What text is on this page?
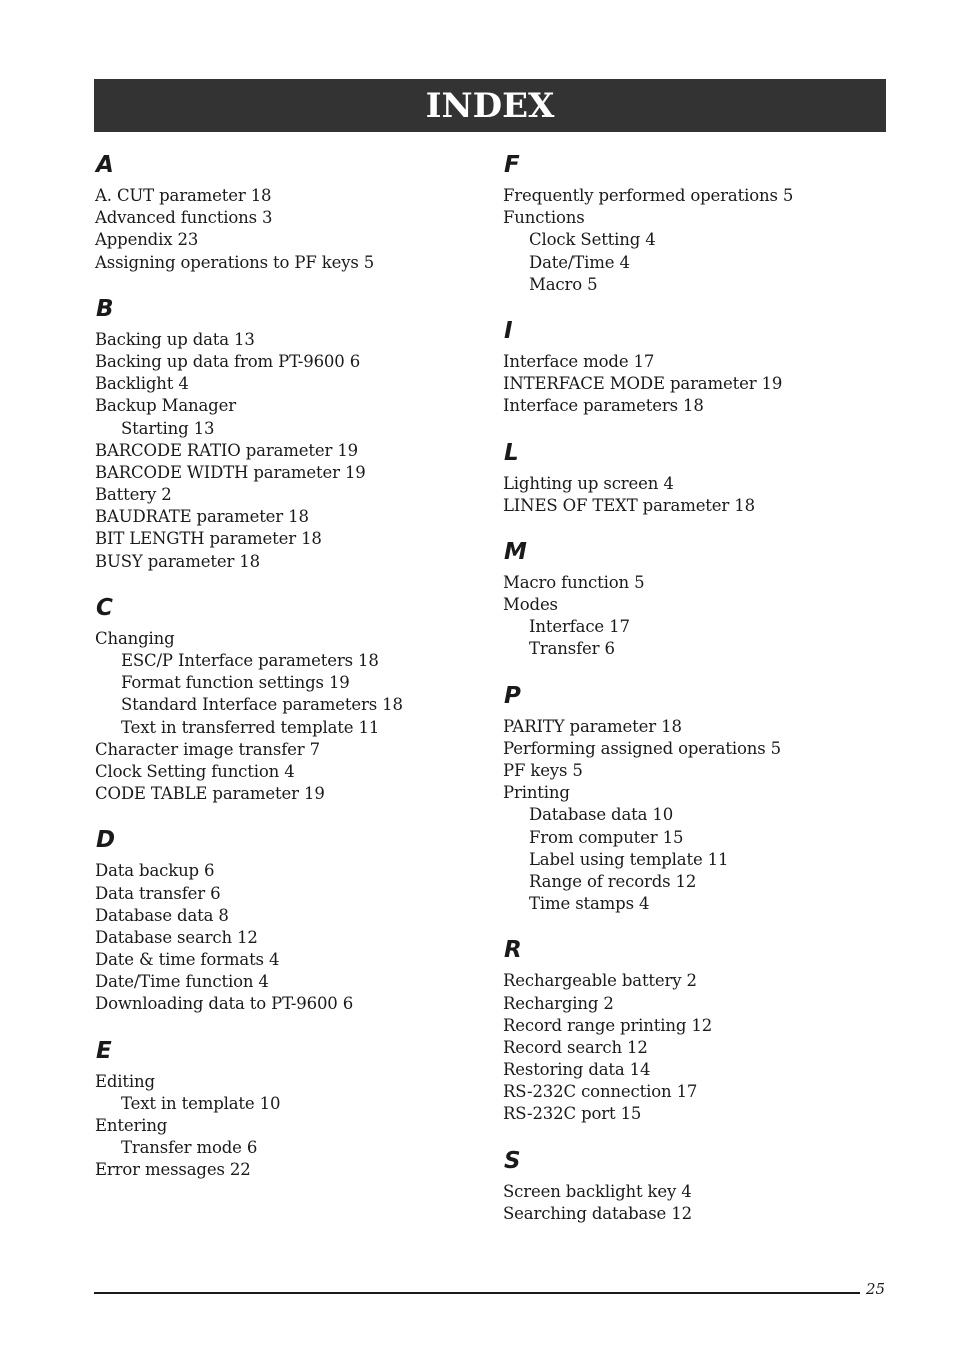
INDEX
A
A. CUT parameter 18
Advanced functions 3
Appendix 23
Assigning operations to PF keys 5
B
Backing up data 13
Backing up data from PT-9600 6
Backlight 4
Backup Manager
Starting 13
BARCODE RATIO parameter 19
BARCODE WIDTH parameter 19
Battery 2
BAUDRATE parameter 18
BIT LENGTH parameter 18
BUSY parameter 18
C
Changing
ESC/P Interface parameters 18
Format function settings 19
Standard Interface parameters 18
Text in transferred template 11
Character image transfer 7
Clock Setting function 4
CODE TABLE parameter 19
D
Data backup 6
Data transfer 6
Database data 8
Database search 12
Date & time formats 4
Date/Time function 4
Downloading data to PT-9600 6
E
Editing
Text in template 10
Entering
Transfer mode 6
Error messages 22
F
Frequently performed operations 5
Functions
Clock Setting 4
Date/Time 4
Macro 5
I
Interface mode 17
INTERFACE MODE parameter 19
Interface parameters 18
L
Lighting up screen 4
LINES OF TEXT parameter 18
M
Macro function 5
Modes
Interface 17
Transfer 6
P
PARITY parameter 18
Performing assigned operations 5
PF keys 5
Printing
Database data 10
From computer 15
Label using template 11
Range of records 12
Time stamps 4
R
Rechargeable battery 2
Recharging 2
Record range printing 12
Record search 12
Restoring data 14
RS-232C connection 17
RS-232C port 15
S
Screen backlight key 4
Searching database 12
25
